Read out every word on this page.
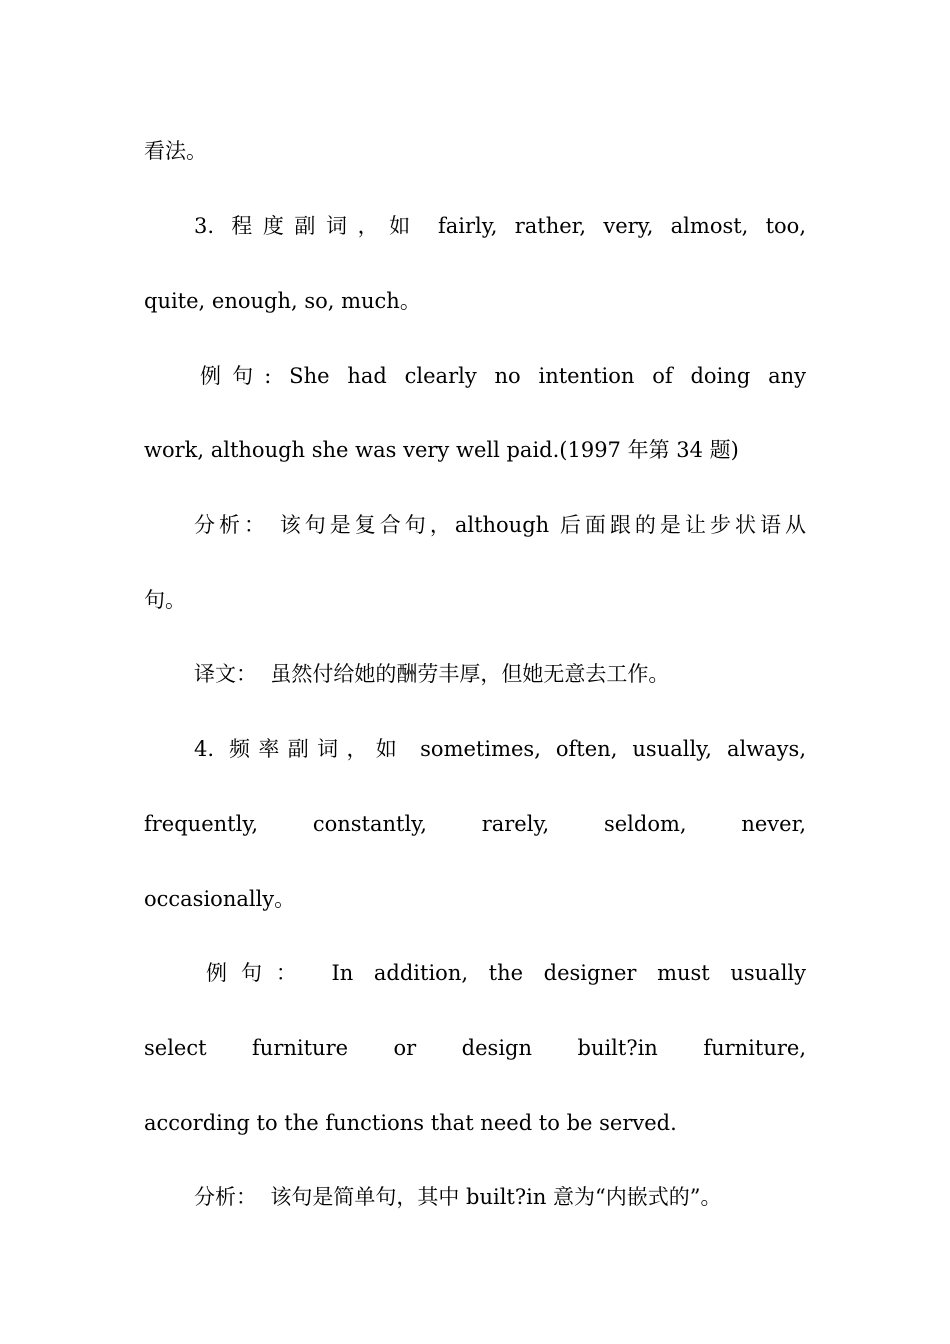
看法。
3. 程度副词，如 fairly, rather, very, almost, too,
quite, enough, so, much。
例句: She had clearly no intention of doing any
work, although she was very well paid.(1997 年第 34 题)
分析： 该句是复合句，although 后面跟的是让步状语从
句。
译文：  虽然付给她的酬劳丰厚，但她无意去工作。
4. 频率副词，如 sometimes, often, usually, always,
frequently, constantly, rarely, seldom, never,
occasionally。
例句： In addition, the designer must usually
select furniture or design built?in furniture,
according to the functions that need to be served.
分析：  该句是简单句，其中 built?in 意为“内嵌式的”。
